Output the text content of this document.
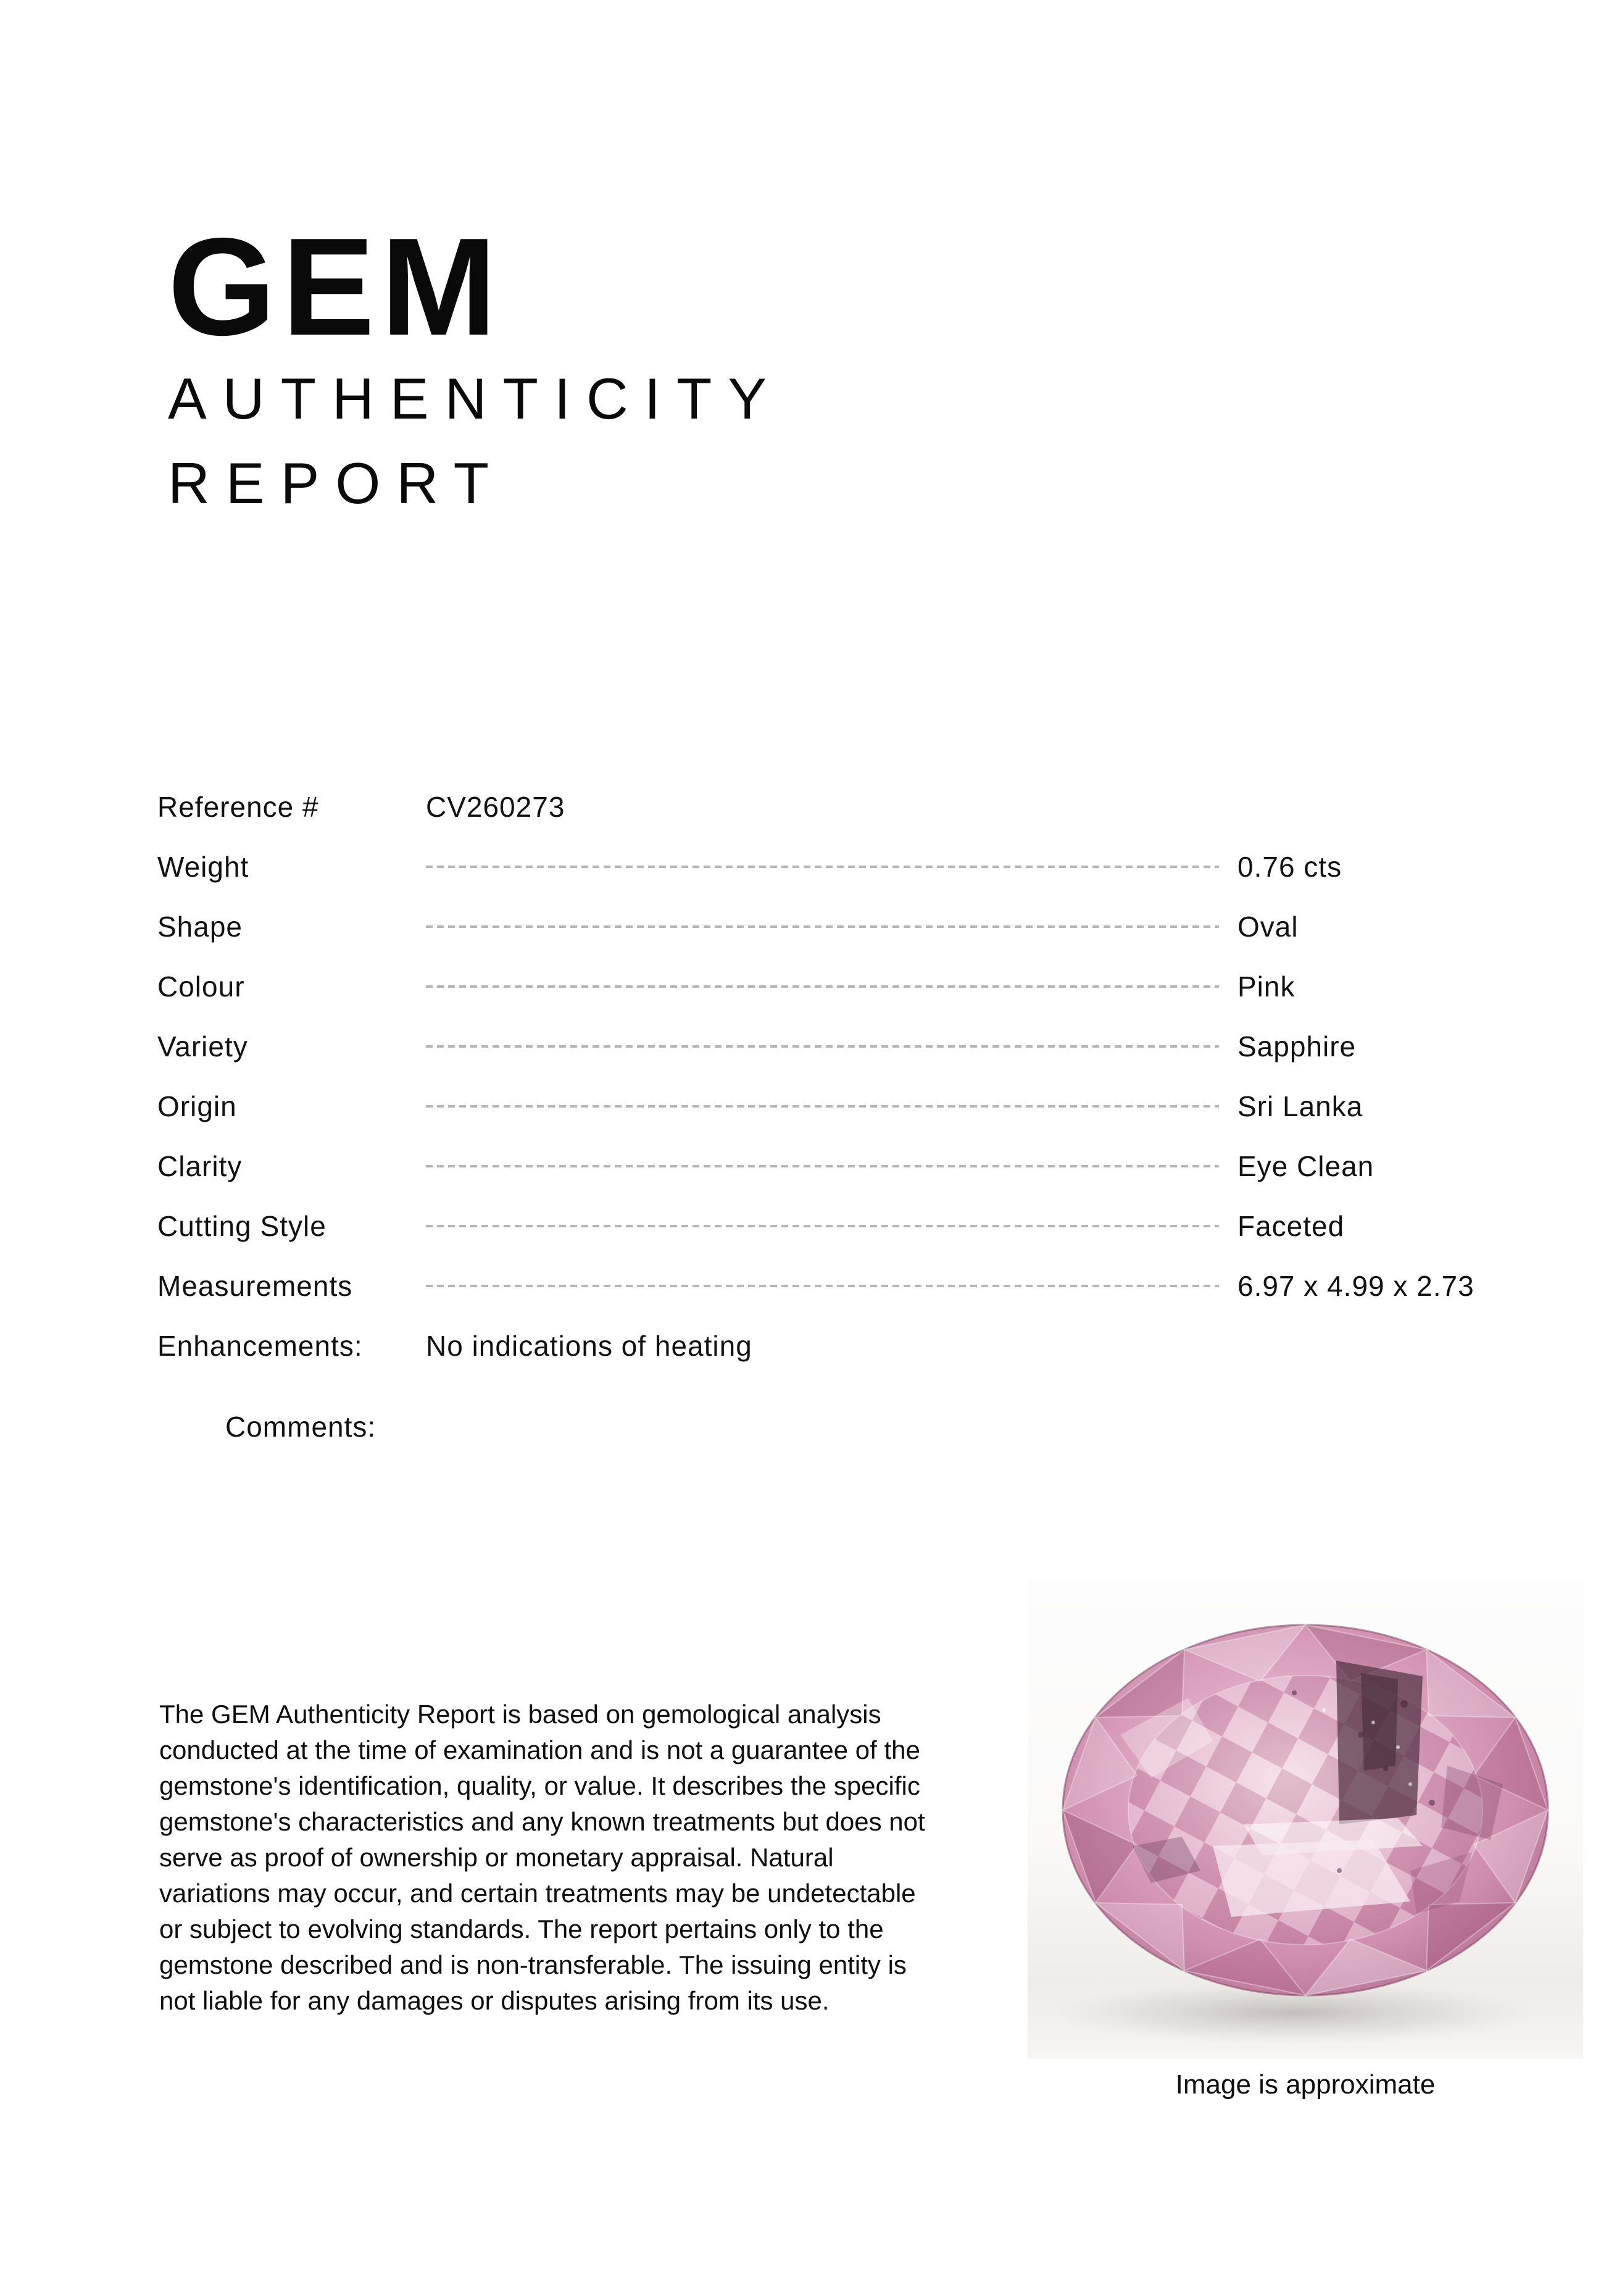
GEM
AUTHENTICITY
REPORT
Reference #	CV260273
Weight	0.76 cts
Shape	Oval
Colour	Pink
Variety	Sapphire
Origin	Sri Lanka
Clarity	Eye Clean
Cutting Style	Faceted
Measurements	6.97 x 4.99 x 2.73
Enhancements:	No indications of heating
Comments:
The GEM Authenticity Report is based on gemological analysis
conducted at the time of examination and is not a guarantee of the
gemstone's identification, quality, or value. It describes the specific
gemstone's characteristics and any known treatments but does not
serve as proof of ownership or monetary appraisal. Natural
variations may occur, and certain treatments may be undetectable
or subject to evolving standards. The report pertains only to the
gemstone described and is non-transferable. The issuing entity is
not liable for any damages or disputes arising from its use.
Image is approximate
